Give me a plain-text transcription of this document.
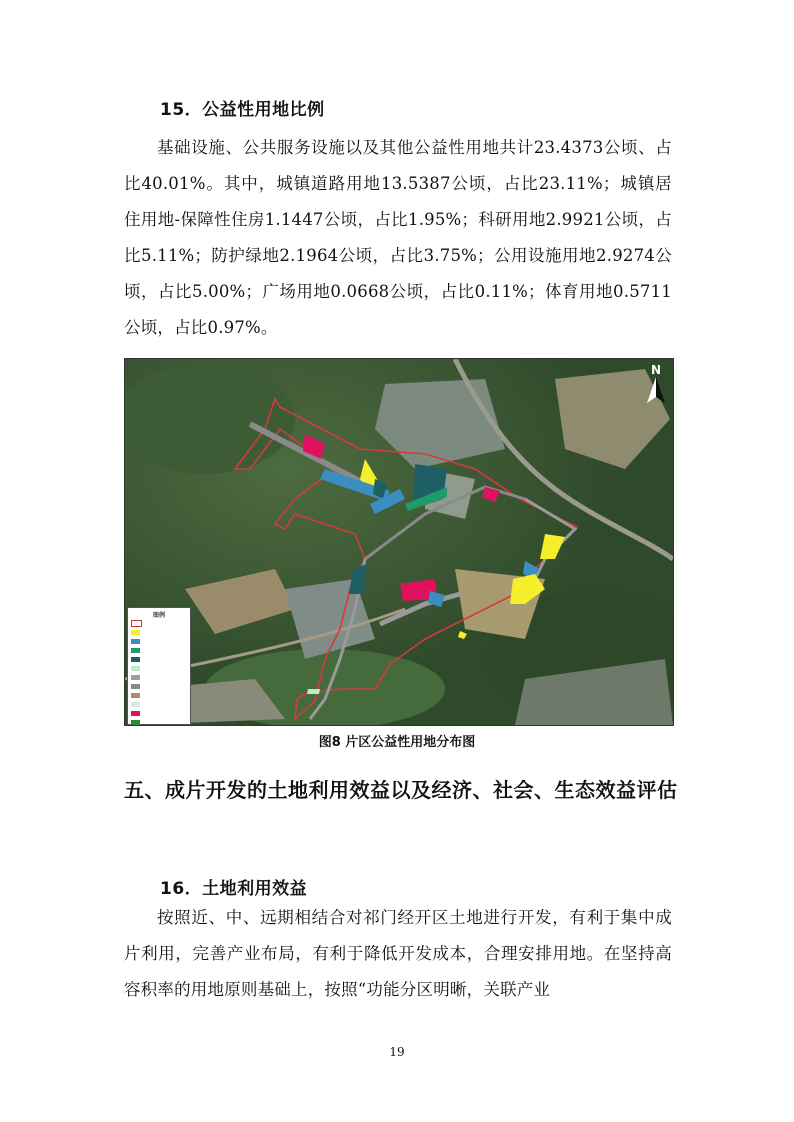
15．公益性用地比例
基础设施、公共服务设施以及其他公益性用地共计23.4373公顷、占比40.01%。其中，城镇道路用地13.5387公顷，占比23.11%；城镇居住用地-保障性住房1.1447公顷，占比1.95%；科研用地2.9921公顷，占比5.11%；防护绿地2.1964公顷，占比3.75%；公用设施用地2.9274公顷，占比5.00%；广场用地0.0668公顷，占比0.11%；体育用地0.5711公顷，占比0.97%。
N
图例
图8 片区公益性用地分布图
五、成片开发的土地利用效益以及经济、社会、生态效益评估
16．土地利用效益
按照近、中、远期相结合对祁门经开区土地进行开发，有利于集中成片利用，完善产业布局，有利于降低开发成本，合理安排用地。在坚持高容积率的用地原则基础上，按照“功能分区明晰，关联产业
19
